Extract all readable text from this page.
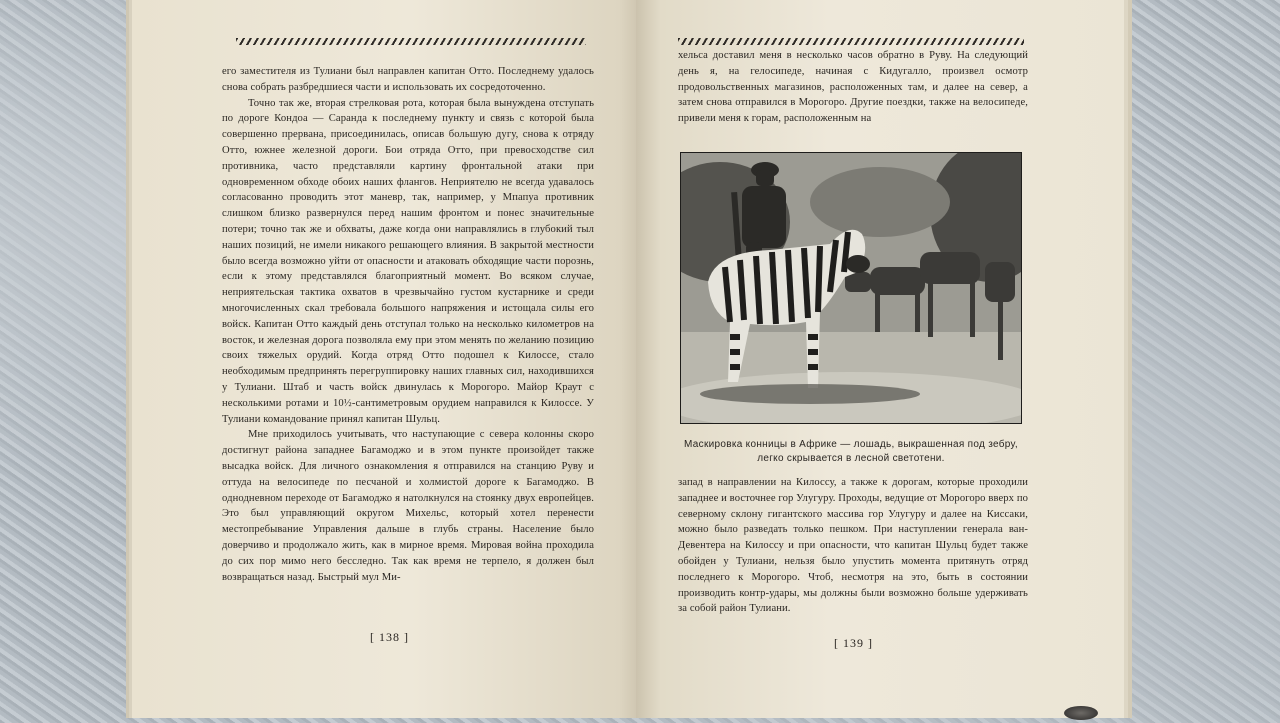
его заместителя из Тулиани был направлен капитан Отто. Последнему удалось снова собрать разбредшиеся части и использовать их сосредоточенно.

Точно так же, вторая стрелковая рота, которая была вынуждена отступать по дороге Кондоа — Саранда к последнему пункту и связь с которой была совершенно прервана, присоединилась, описав большую дугу, снова к отряду Отто, южнее железной дороги. Бои отряда Отто, при превосходстве сил противника, часто представляли картину фронтальной атаки при одновременном обходе обоих наших флангов. Неприятелю не всегда удавалось согласованно проводить этот маневр, так, например, у Мпапуа противник слишком близко развернулся перед нашим фронтом и понес значительные потери; точно так же и обхваты, даже когда они направлялись в глубокий тыл наших позиций, не имели никакого решающего влияния. В закрытой местности было всегда возможно уйти от опасности и атаковать обходящие части порознь, если к этому представлялся благоприятный момент. Во всяком случае, неприятельская тактика охватов в чрезвычайно густом кустарнике и среди многочисленных скал требовала большого напряжения и истощала силы его войск. Капитан Отто каждый день отступал только на несколько километров на восток, и железная дорога позволяла ему при этом менять по желанию позицию своих тяжелых орудий. Когда отряд Отто подошел к Килоссе, стало необходимым предпринять перегруппировку наших главных сил, находившихся у Тулиани. Штаб и часть войск двинулась к Морогоро. Майор Краут с несколькими ротами и 10½-сантиметровым орудием направился к Килоссе. У Тулиани командование принял капитан Шульц.

Мне приходилось учитывать, что наступающие с севера колонны скоро достигнут района западнее Багамоджо и в этом пункте произойдет также высадка войск. Для личного ознакомления я отправился на станцию Руву и оттуда на велосипеде по песчаной и холмистой дороге к Багамоджо. В однодневном переходе от Багамоджо я натолкнулся на стоянку двух европейцев. Это был управляющий округом Михельс, который хотел перенести местопребывание Управления дальше в глубь страны. Население было доверчиво и продолжало жить, как в мирное время. Мировая война проходила до сих пор мимо него бесследно. Так как время не терпело, я должен был возвращаться назад. Быстрый мул Ми-

[ 138 ]

хельса доставил меня в несколько часов обратно в Руву. На следующий день я, на гелосипеде, начиная с Кидугалло, произвел осмотр продовольственных магазинов, расположенных там, и далее на север, а затем снова отправился в Морогоро. Другие поездки, также на велосипеде, привели меня к горам, расположенным на

Маскировка конницы в Африке — лошадь, выкрашенная под зебру,
легко скрывается в лесной светотени.

запад в направлении на Килоссу, а также к дорогам, которые проходили западнее и восточнее гор Улугуру. Проходы, ведущие от Морогоро вверх по северному склону гигантского массива гор Улугуру и далее на Киссаки, можно было разведать только пешком. При наступлении генерала ван-Девентера на Килоссу и при опасности, что капитан Шульц будет также обойден у Тулиани, нельзя было упустить момента притянуть отряд последнего к Морогоро. Чтоб, несмотря на это, быть в состоянии производить контр-удары, мы должны были возможно больше удерживать за собой район Тулиани.

[ 139 ]
